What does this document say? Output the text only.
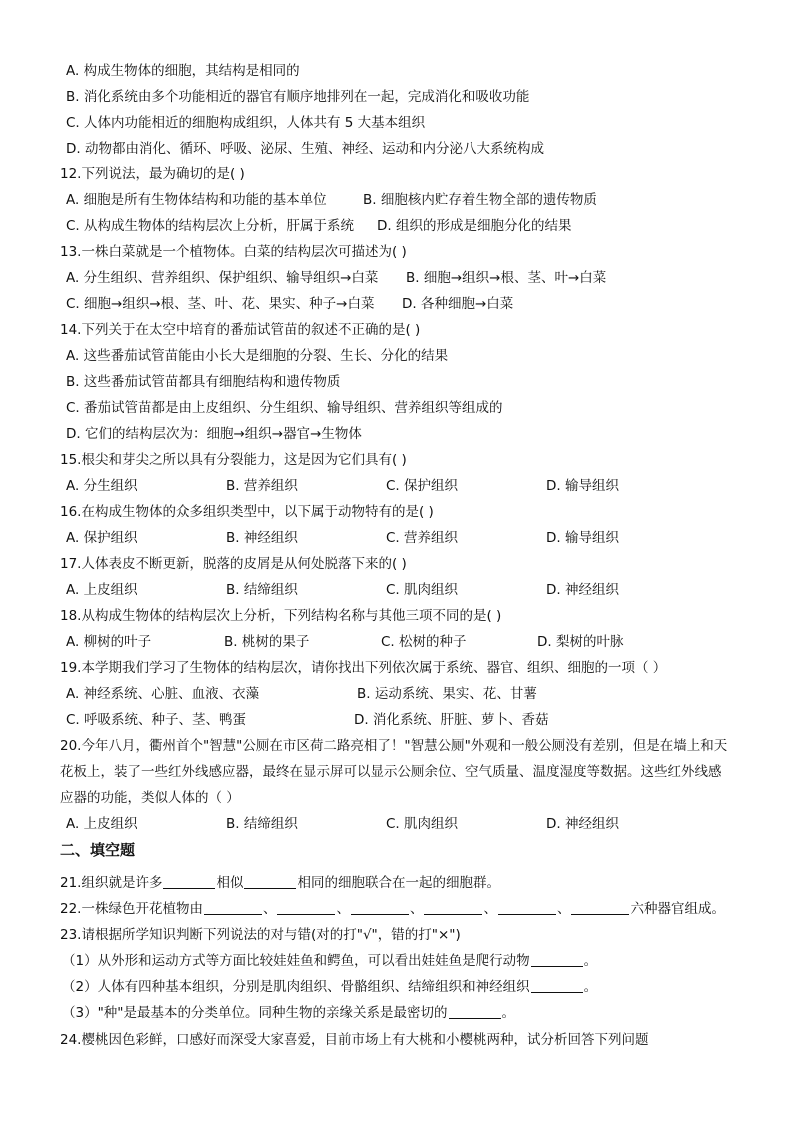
A. 构成生物体的细胞，其结构是相同的
B. 消化系统由多个功能相近的器官有顺序地排列在一起，完成消化和吸收功能
C. 人体内功能相近的细胞构成组织，人体共有 5 大基本组织
D. 动物都由消化、循环、呼吸、泌尿、生殖、神经、运动和内分泌八大系统构成
12.下列说法，最为确切的是( )
A. 细胞是所有生物体结构和功能的基本单位	B. 细胞核内贮存着生物全部的遗传物质
C. 从构成生物体的结构层次上分析，肝属于系统 D. 组织的形成是细胞分化的结果
13.一株白菜就是一个植物体。白菜的结构层次可描述为( )
A. 分生组织、营养组织、保护组织、输导组织→白菜 B. 细胞→组织→根、茎、叶→白菜
C. 细胞→组织→根、茎、叶、花、果实、种子→白菜 D. 各种细胞→白菜
14.下列关于在太空中培育的番茄试管苗的叙述不正确的是( )
A. 这些番茄试管苗能由小长大是细胞的分裂、生长、分化的结果
B. 这些番茄试管苗都具有细胞结构和遗传物质
C. 番茄试管苗都是由上皮组织、分生组织、输导组织、营养组织等组成的
D. 它们的结构层次为：细胞→组织→器官→生物体
15.根尖和芽尖之所以具有分裂能力，这是因为它们具有( )
A. 分生组织	B. 营养组织	C. 保护组织	D. 输导组织
16.在构成生物体的众多组织类型中，以下属于动物特有的是( )
A. 保护组织	B. 神经组织	C. 营养组织	D. 输导组织
17.人体表皮不断更新，脱落的皮屑是从何处脱落下来的( )
A. 上皮组织	B. 结缔组织	C. 肌肉组织	D. 神经组织
18.从构成生物体的结构层次上分析，下列结构名称与其他三项不同的是( )
A. 柳树的叶子	B. 桃树的果子	C. 松树的种子	D. 梨树的叶脉
19.本学期我们学习了生物体的结构层次，请你找出下列依次属于系统、器官、组织、细胞的一项（ ）
A. 神经系统、心脏、血液、衣藻	B. 运动系统、果实、花、甘薯
C. 呼吸系统、种子、茎、鸭蛋	D. 消化系统、肝脏、萝卜、香菇
20.今年八月，衢州首个"智慧"公厕在市区荷二路亮相了！"智慧公厕"外观和一般公厕没有差别，但是在墙上和天
花板上，装了一些红外线感应器，最终在显示屏可以显示公厕余位、空气质量、温度湿度等数据。这些红外线感
应器的功能，类似人体的（ ）
A. 上皮组织	B. 结缔组织	C. 肌肉组织	D. 神经组织
二、填空题
21.组织就是许多	相似	相同的细胞联合在一起的细胞群。
22.一株绿色开花植物由	、	、	、	、	、	六种器官组成。
23.请根据所学知识判断下列说法的对与错(对的打"√"，错的打"×")
（1）从外形和运动方式等方面比较娃娃鱼和鳄鱼，可以看出娃娃鱼是爬行动物	。
（2）人体有四种基本组织，分别是肌肉组织、骨骼组织、结缔组织和神经组织	。
（3）"种"是最基本的分类单位。同种生物的亲缘关系是最密切的	。
24.樱桃因色彩鲜，口感好而深受大家喜爱，目前市场上有大桃和小樱桃两种，试分析回答下列问题
